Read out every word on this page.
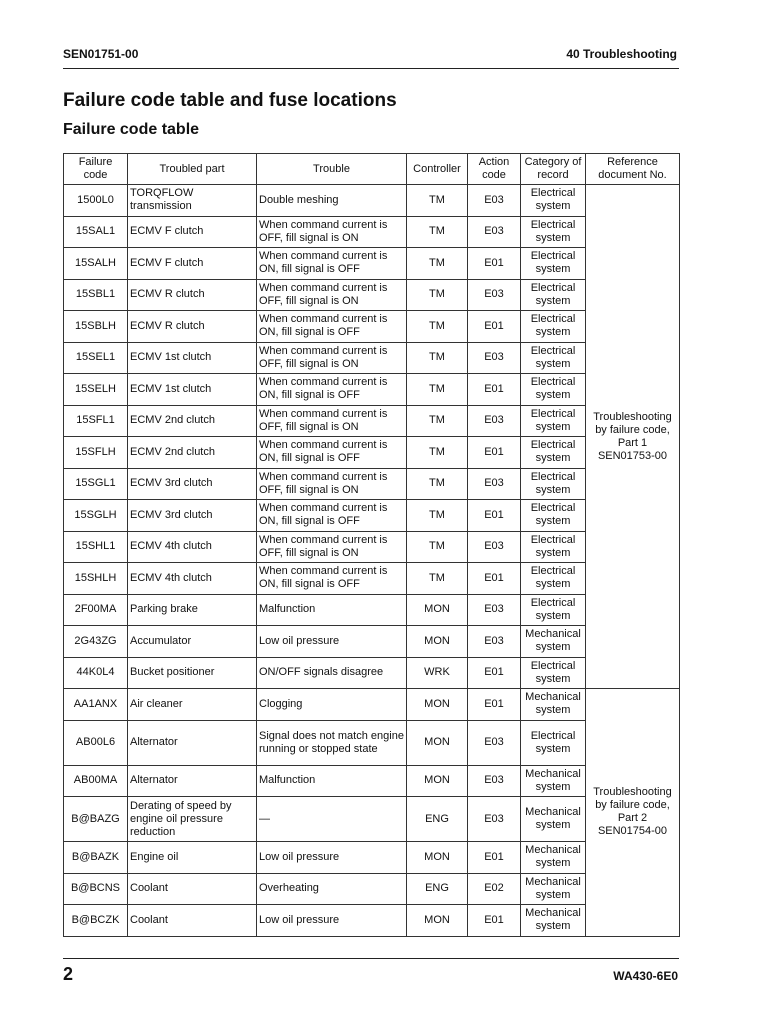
SEN01751-00	40 Troubleshooting
Failure code table and fuse locations
Failure code table
Failure code	Troubled part	Trouble	Controller	Action code	Category of record	Reference document No.
1500L0	TORQFLOW transmission	Double meshing	TM	E03	Electrical system	Troubleshooting by failure code, Part 1 SEN01753-00
15SAL1	ECMV F clutch	When command current is OFF, fill signal is ON	TM	E03	Electrical system	
15SALH	ECMV F clutch	When command current is ON, fill signal is OFF	TM	E01	Electrical system	
15SBL1	ECMV R clutch	When command current is OFF, fill signal is ON	TM	E03	Electrical system	
15SBLH	ECMV R clutch	When command current is ON, fill signal is OFF	TM	E01	Electrical system	
15SEL1	ECMV 1st clutch	When command current is OFF, fill signal is ON	TM	E03	Electrical system	
15SELH	ECMV 1st clutch	When command current is ON, fill signal is OFF	TM	E01	Electrical system	
15SFL1	ECMV 2nd clutch	When command current is OFF, fill signal is ON	TM	E03	Electrical system	
15SFLH	ECMV 2nd clutch	When command current is ON, fill signal is OFF	TM	E01	Electrical system	
15SGL1	ECMV 3rd clutch	When command current is OFF, fill signal is ON	TM	E03	Electrical system	
15SGLH	ECMV 3rd clutch	When command current is ON, fill signal is OFF	TM	E01	Electrical system	
15SHL1	ECMV 4th clutch	When command current is OFF, fill signal is ON	TM	E03	Electrical system	
15SHLH	ECMV 4th clutch	When command current is ON, fill signal is OFF	TM	E01	Electrical system	
2F00MA	Parking brake	Malfunction	MON	E03	Electrical system	
2G43ZG	Accumulator	Low oil pressure	MON	E03	Mechanical system	
44K0L4	Bucket positioner	ON/OFF signals disagree	WRK	E01	Electrical system	
AA1ANX	Air cleaner	Clogging	MON	E01	Mechanical system	Troubleshooting by failure code, Part 2 SEN01754-00
AB00L6	Alternator	Signal does not match engine running or stopped state	MON	E03	Electrical system	
AB00MA	Alternator	Malfunction	MON	E03	Mechanical system	
B@BAZG	Derating of speed by engine oil pressure reduction	—	ENG	E03	Mechanical system	
B@BAZK	Engine oil	Low oil pressure	MON	E01	Mechanical system	
B@BCNS	Coolant	Overheating	ENG	E02	Mechanical system	
B@BCZK	Coolant	Low oil pressure	MON	E01	Mechanical system	
2	WA430-6E0
